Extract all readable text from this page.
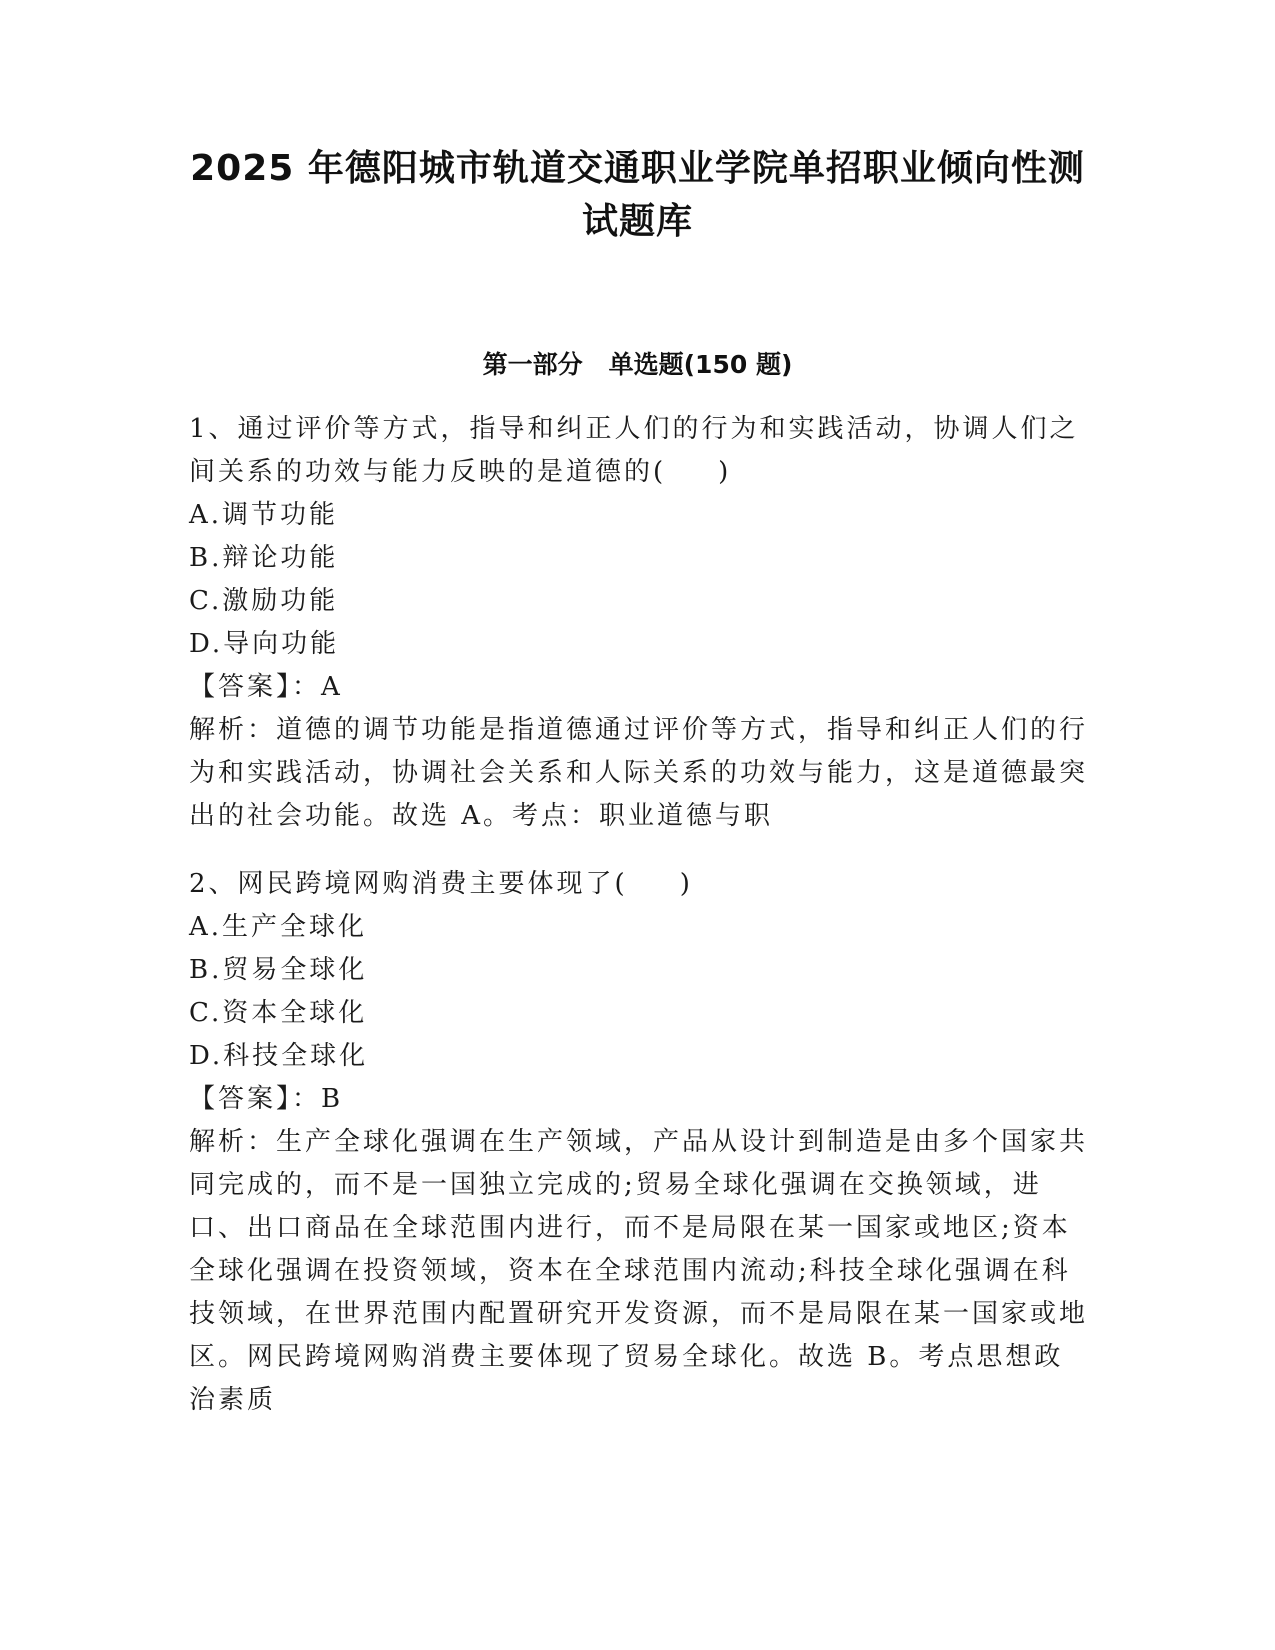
2025 年德阳城市轨道交通职业学院单招职业倾向性测
试题库
第一部分 单选题(150 题)

1、通过评价等方式，指导和纠正人们的行为和实践活动，协调人们之间关系的功效与能力反映的是道德的( )

A.调节功能

B.辩论功能

C.激励功能

D.导向功能

【答案】：A

解析：道德的调节功能是指道德通过评价等方式，指导和纠正人们的行为和实践活动，协调社会关系和人际关系的功效与能力，这是道德最突出的社会功能。故选 A。考点：职业道德与职

2、网民跨境网购消费主要体现了( )

A.生产全球化

B.贸易全球化

C.资本全球化

D.科技全球化

【答案】：B

解析：生产全球化强调在生产领域，产品从设计到制造是由多个国家共同完成的，而不是一国独立完成的;贸易全球化强调在交换领域，进口、出口商品在全球范围内进行，而不是局限在某一国家或地区;资本全球化强调在投资领域，资本在全球范围内流动;科技全球化强调在科技领域，在世界范围内配置研究开发资源，而不是局限在某一国家或地区。网民跨境网购消费主要体现了贸易全球化。故选 B。考点思想政治素质
